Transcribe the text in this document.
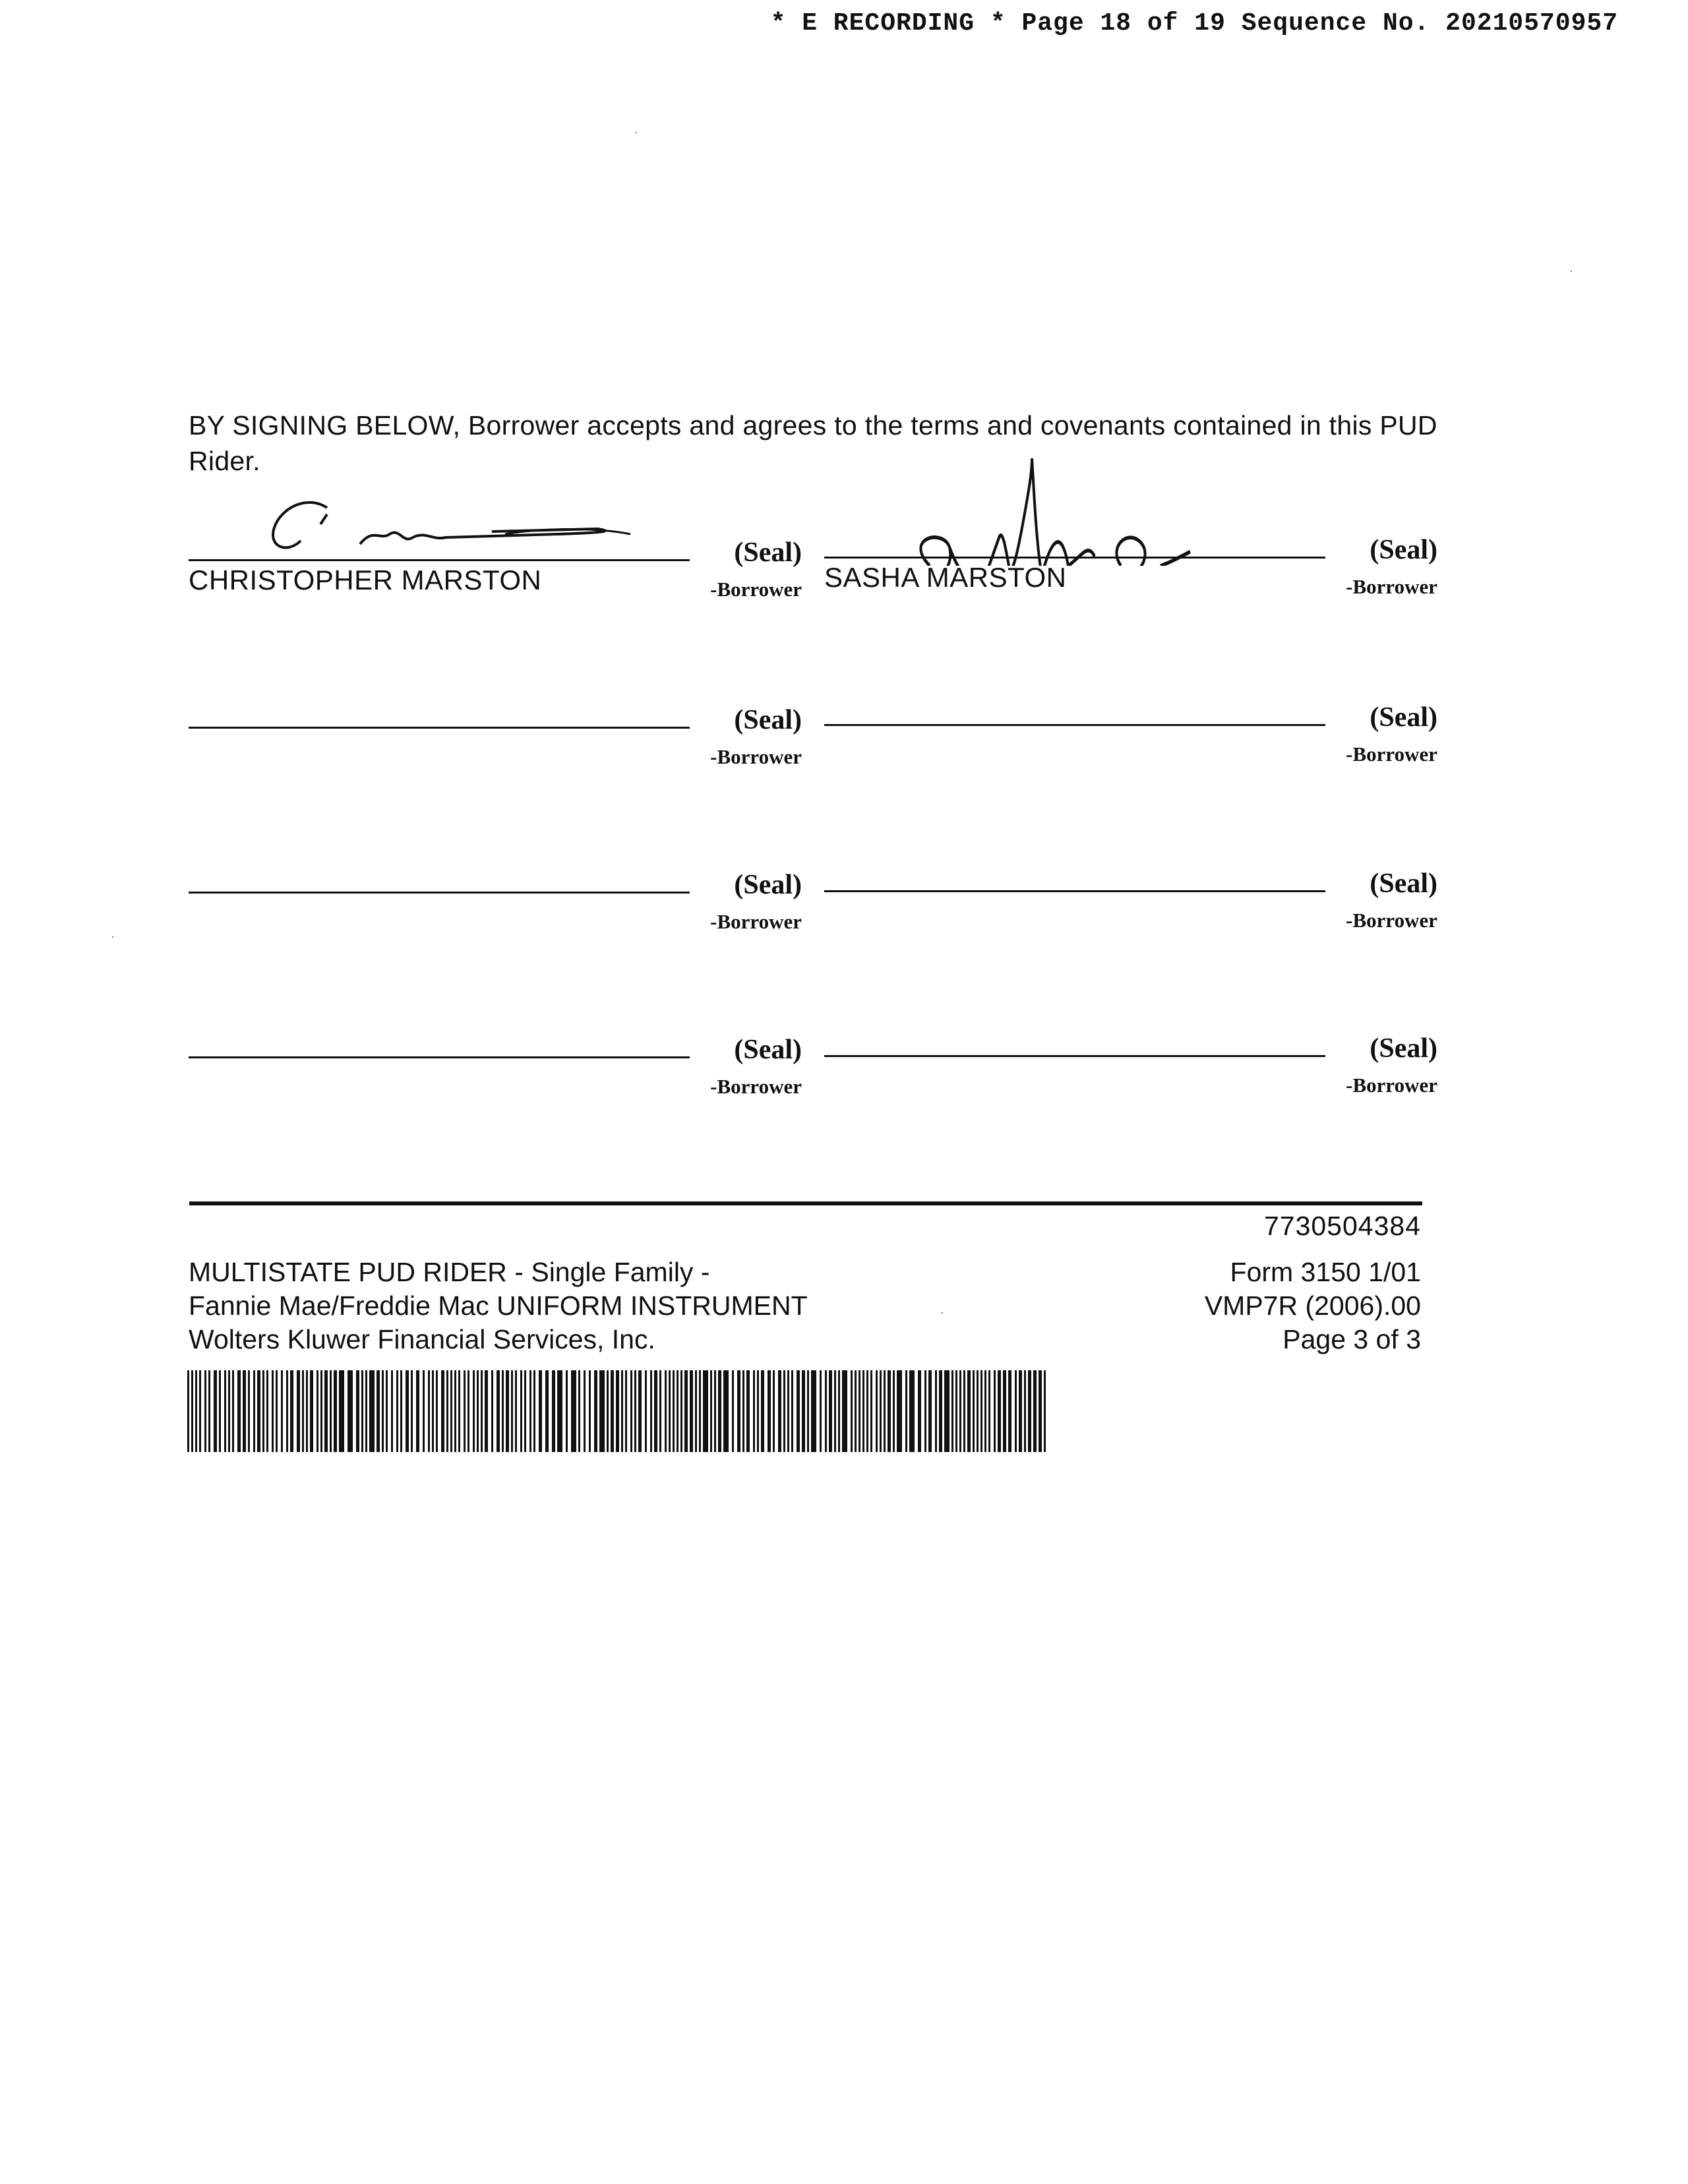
* E RECORDING * Page 18 of 19 Sequence No. 20210570957
BY SIGNING BELOW, Borrower accepts and agrees to the terms and covenants contained in this PUD Rider.
(Seal)
CHRISTOPHER MARSTON	-Borrower
(Seal)
SASHA MARSTON	-Borrower
(Seal)
-Borrower
(Seal)
-Borrower
(Seal)
-Borrower
(Seal)
-Borrower
(Seal)
-Borrower
(Seal)
-Borrower
7730504384
MULTISTATE PUD RIDER - Single Family -
Fannie Mae/Freddie Mac UNIFORM INSTRUMENT
Wolters Kluwer Financial Services, Inc.
Form 3150 1/01
VMP7R (2006).00
Page 3 of 3
